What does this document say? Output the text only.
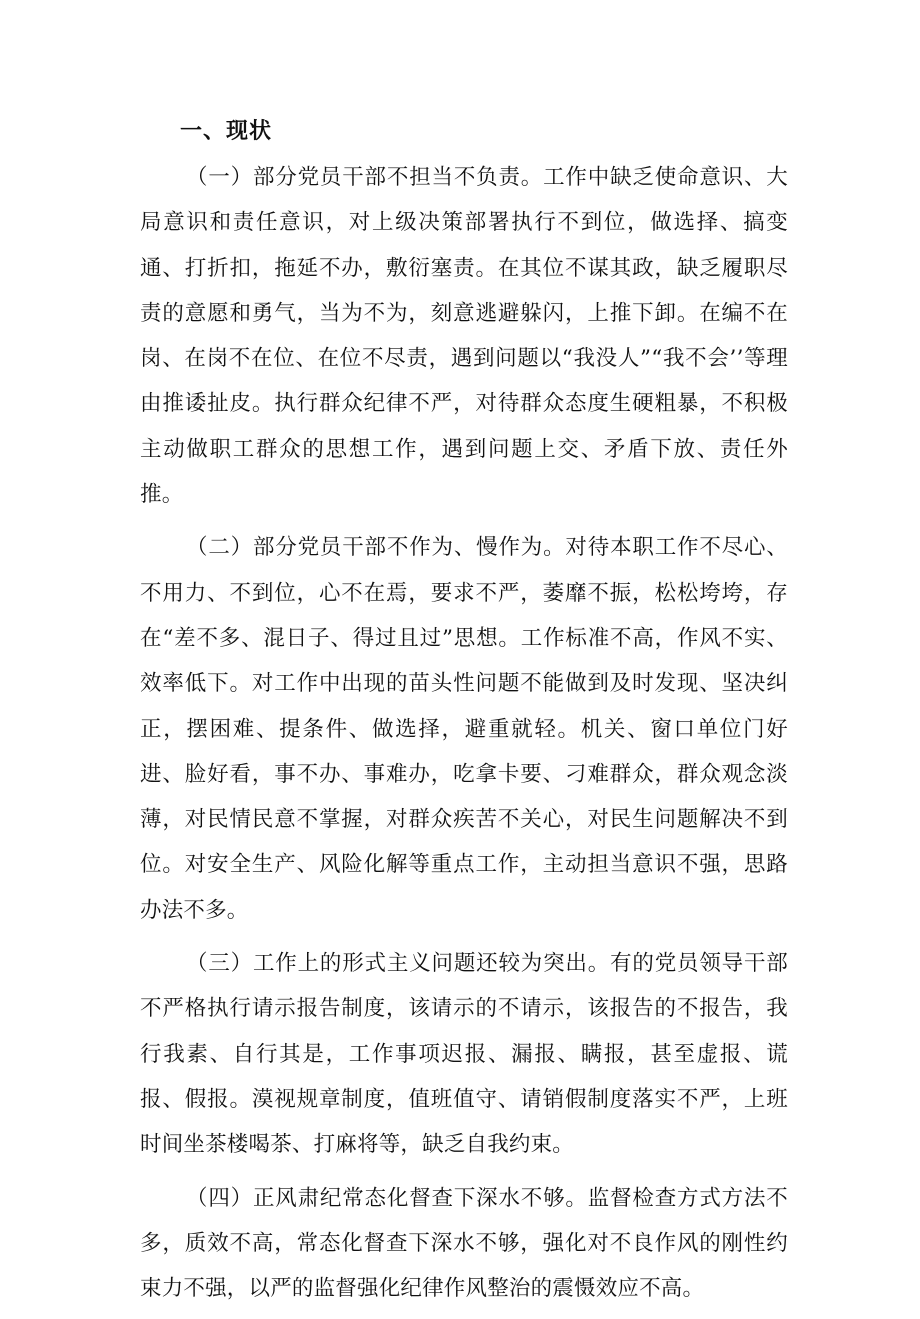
一、现状

（一）部分党员干部不担当不负责。工作中缺乏使命意识、大局意识和责任意识，对上级决策部署执行不到位，做选择、搞变通、打折扣，拖延不办，敷衍塞责。在其位不谋其政，缺乏履职尽责的意愿和勇气，当为不为，刻意逃避躲闪，上推下卸。在编不在岗、在岗不在位、在位不尽责，遇到问题以“我没人”“我不会’’等理由推诿扯皮。执行群众纪律不严，对待群众态度生硬粗暴，不积极主动做职工群众的思想工作，遇到问题上交、矛盾下放、责任外推。

（二）部分党员干部不作为、慢作为。对待本职工作不尽心、不用力、不到位，心不在焉，要求不严，萎靡不振，松松垮垮，存在“差不多、混日子、得过且过”思想。工作标准不高，作风不实、效率低下。对工作中出现的苗头性问题不能做到及时发现、坚决纠正，摆困难、提条件、做选择，避重就轻。机关、窗口单位门好进、脸好看，事不办、事难办，吃拿卡要、刁难群众，群众观念淡薄，对民情民意不掌握，对群众疾苦不关心，对民生问题解决不到位。对安全生产、风险化解等重点工作，主动担当意识不强，思路办法不多。

（三）工作上的形式主义问题还较为突出。有的党员领导干部不严格执行请示报告制度，该请示的不请示，该报告的不报告，我行我素、自行其是，工作事项迟报、漏报、瞒报，甚至虚报、谎报、假报。漠视规章制度，值班值守、请销假制度落实不严，上班时间坐茶楼喝茶、打麻将等，缺乏自我约束。

（四）正风肃纪常态化督查下深水不够。监督检查方式方法不多，质效不高，常态化督查下深水不够，强化对不良作风的刚性约束力不强，以严的监督强化纪律作风整治的震慑效应不高。
